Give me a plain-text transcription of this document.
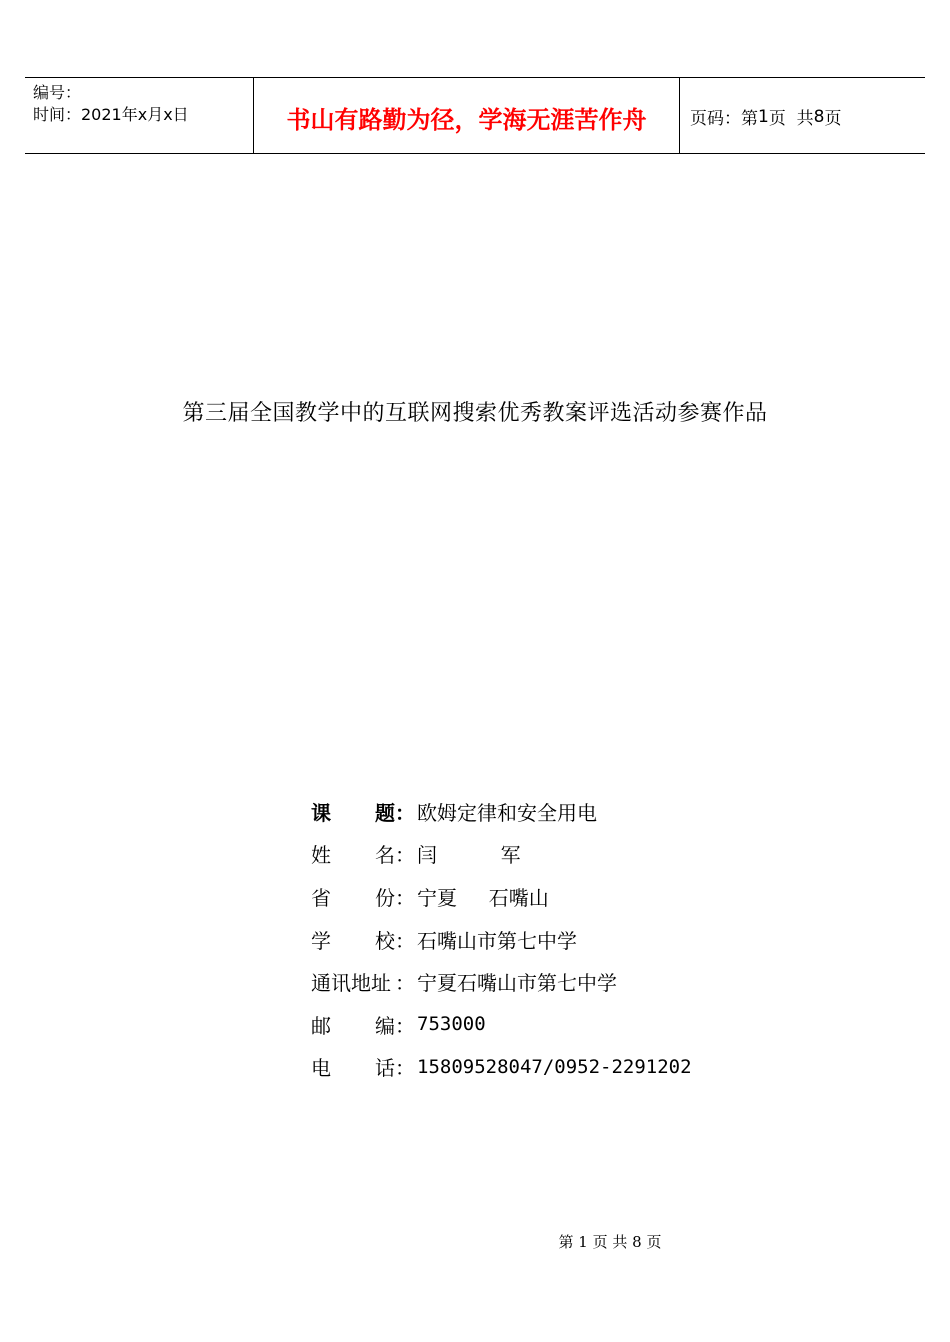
编号：
时间：2021年x月x日	书山有路勤为径，学海无涯苦作舟	页码：第 1 页  共 8 页
第三届全国教学中的互联网搜索优秀教案评选活动参赛作品
课 题 ： 欧姆定律和安全用电
姓 名 ： 闫          军
省 份 ： 宁夏     石嘴山
学 校 ： 石嘴山市第七中学
通讯地址 ： 宁夏石嘴山市第七中学
邮 编 ： 753000
电 话 ： 15809528047/0952-2291202
第 1 页 共 8 页
